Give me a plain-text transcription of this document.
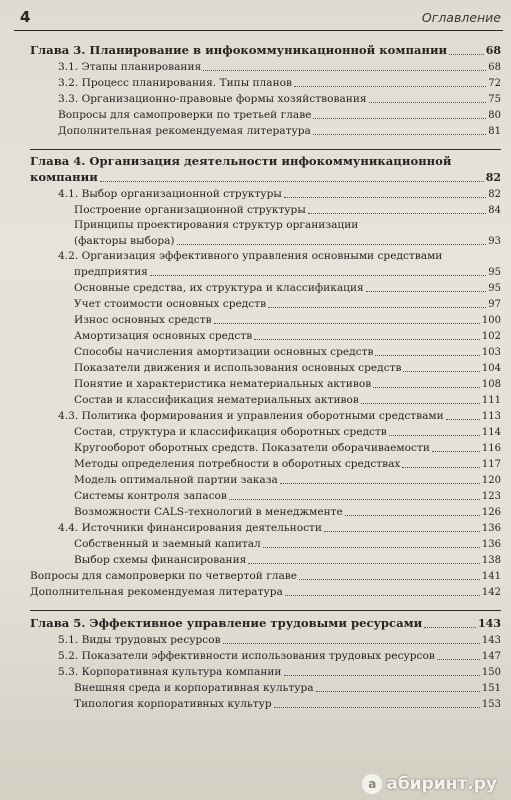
4	Оглавление
Глава 3. Планирование в инфокоммуникационной компании	68
3.1. Этапы планирования	68
3.2. Процесс планирования. Типы планов	72
3.3. Организационно-правовые формы хозяйствования	75
Вопросы для самопроверки по третьей главе	80
Дополнительная рекомендуемая литература	81
Глава 4. Организация деятельности инфокоммуникационной
компании	82
4.1. Выбор организационной структуры	82
Построение организационной структуры	84
Принципы проектирования структур организации
(факторы выбора)	93
4.2. Организация эффективного управления основными средствами
предприятия	95
Основные средства, их структура и классификация	95
Учет стоимости основных средств	97
Износ основных средств	100
Амортизация основных средств	102
Способы начисления амортизации основных средств	103
Показатели движения и использования основных средств	104
Понятие и характеристика нематериальных активов	108
Состав и классификация нематериальных активов	111
4.3. Политика формирования и управления оборотными средствами	113
Состав, структура и классификация оборотных средств	114
Кругооборот оборотных средств. Показатели оборачиваемости	116
Методы определения потребности в оборотных средствах	117
Модель оптимальной партии заказа	120
Системы контроля запасов	123
Возможности CALS-технологий в менеджменте	126
4.4. Источники финансирования деятельности	136
Собственный и заемный капитал	136
Выбор схемы финансирования	138
Вопросы для самопроверки по четвертой главе	141
Дополнительная рекомендуемая литература	142
Глава 5. Эффективное управление трудовыми ресурсами	143
5.1. Виды трудовых ресурсов	143
5.2. Показатели эффективности использования трудовых ресурсов	147
5.3. Корпоративная культура компании	150
Внешняя среда и корпоративная культура	151
Типология корпоративных культур	153
a абиринт.ру
